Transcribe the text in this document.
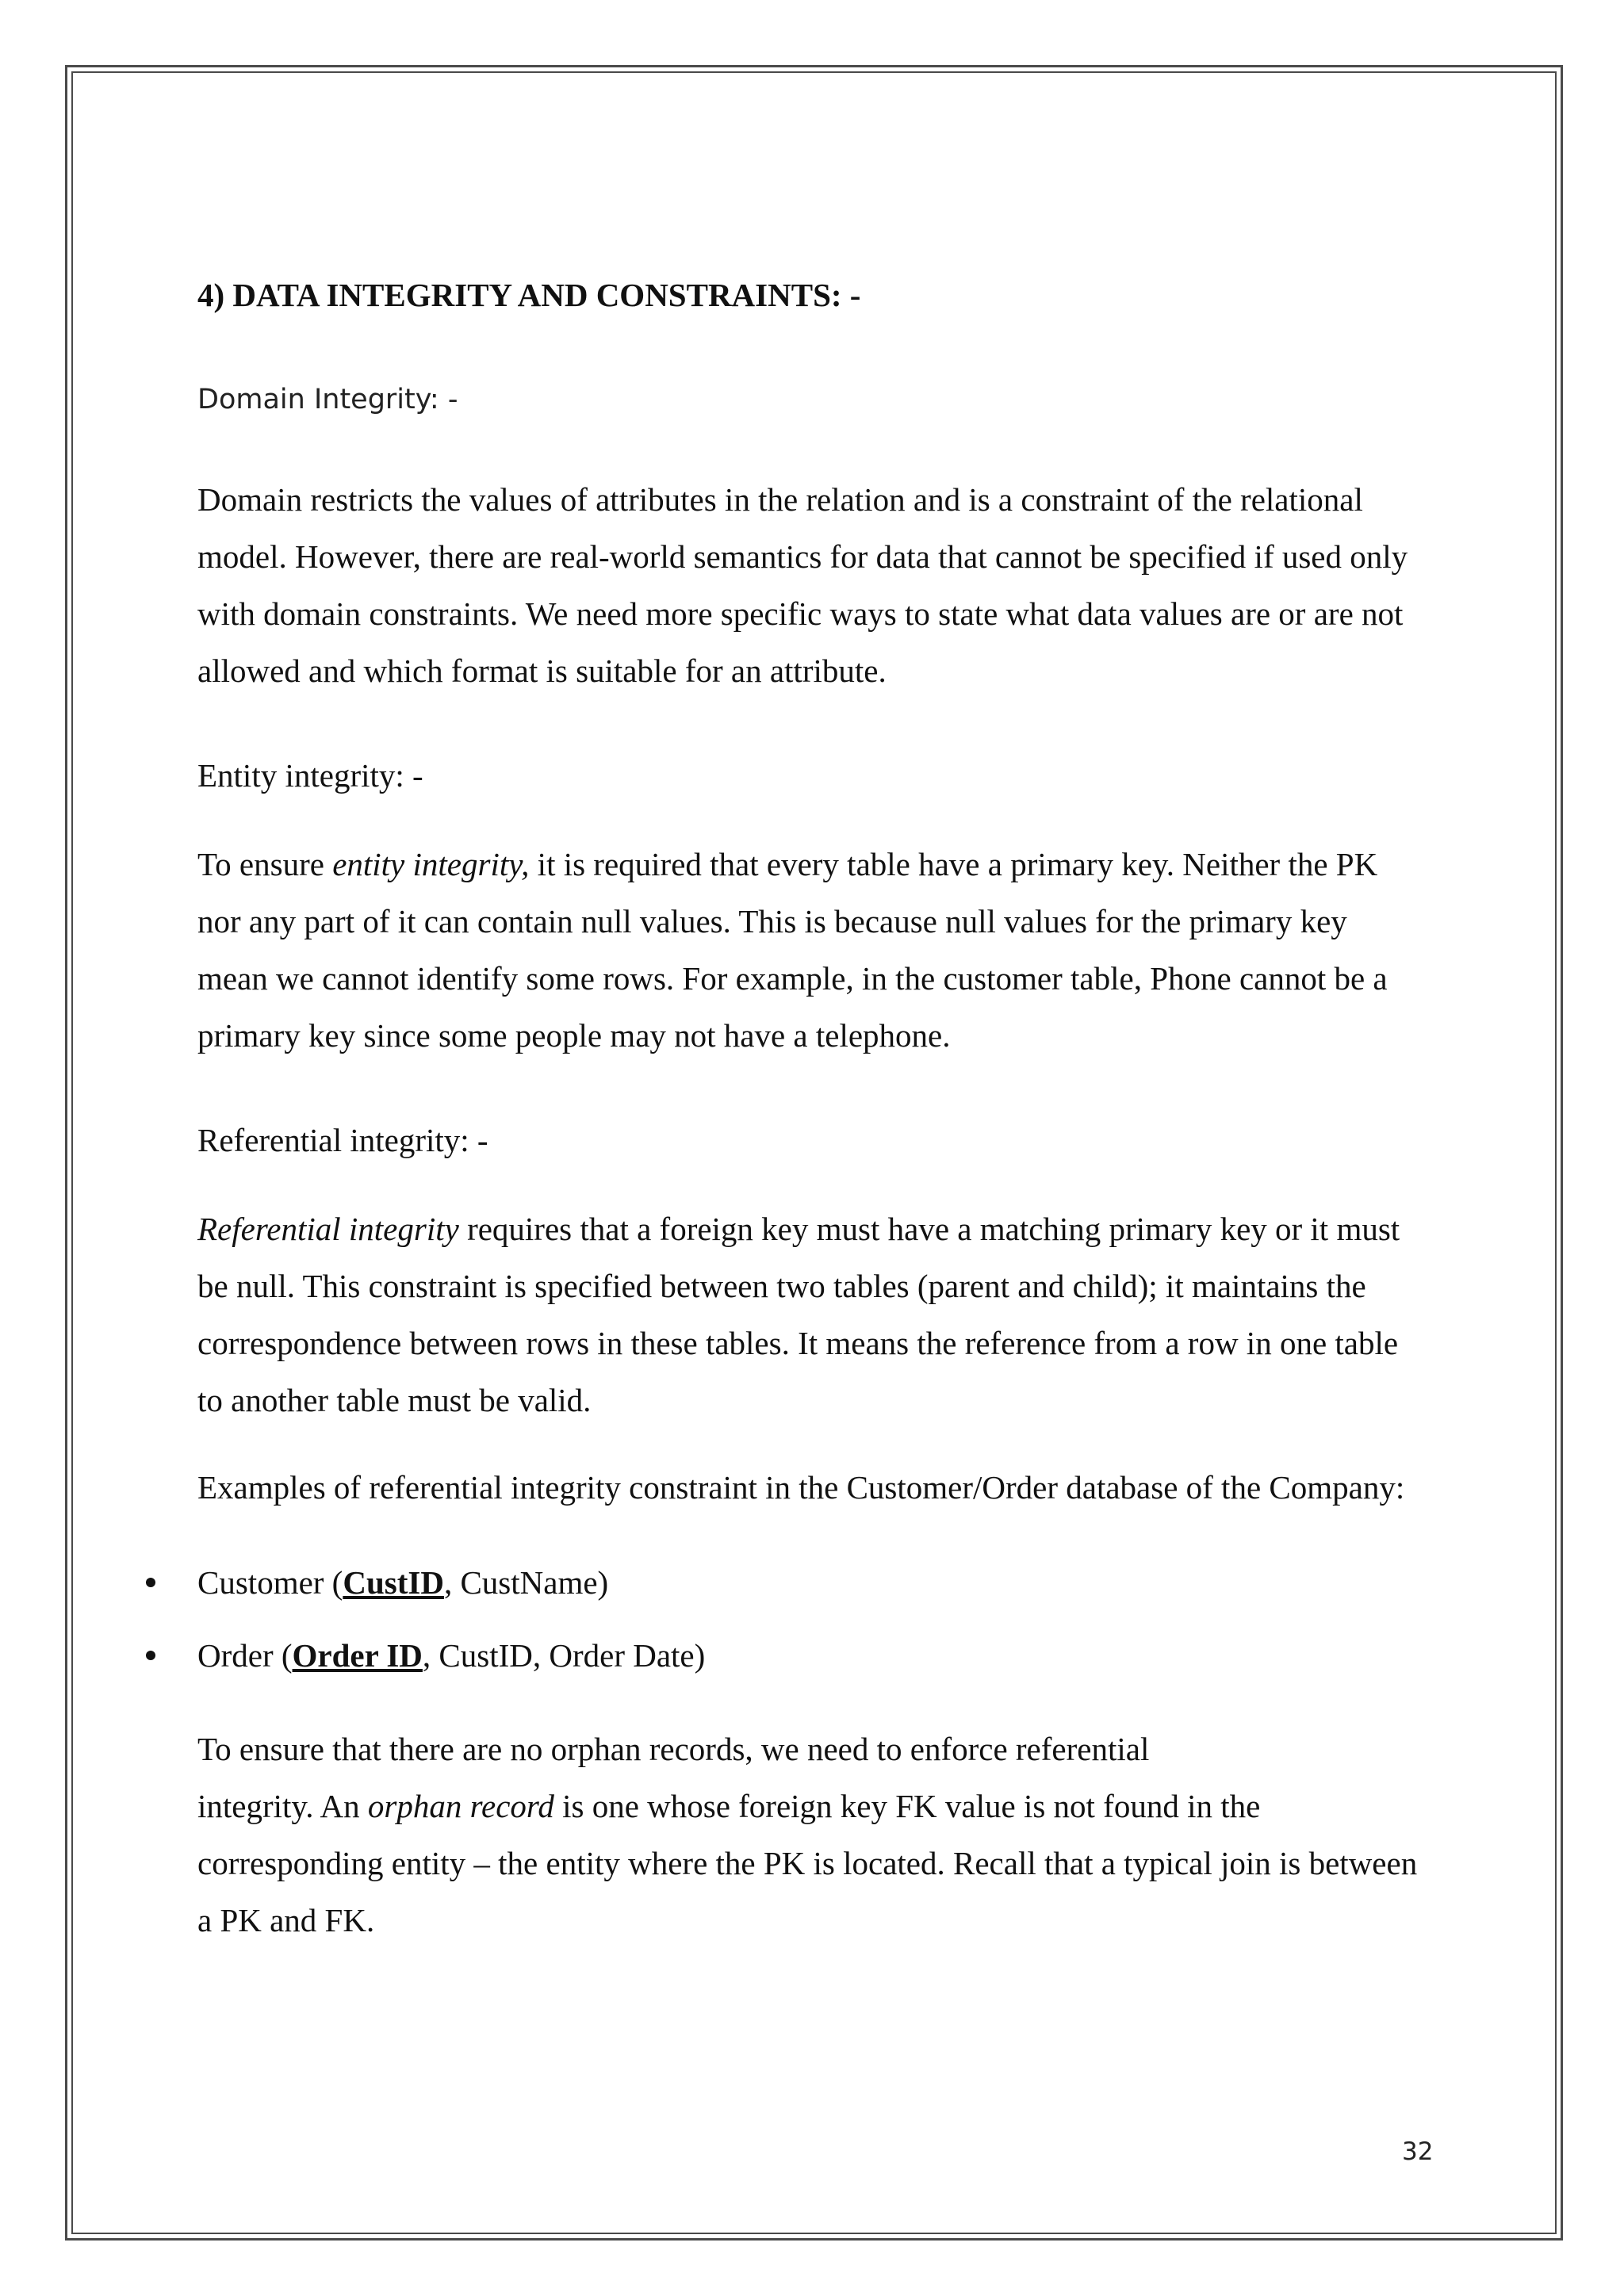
4) DATA INTEGRITY AND CONSTRAINTS: -
Domain Integrity: -
Domain restricts the values of attributes in the relation and is a constraint of the relational
model. However, there are real-world semantics for data that cannot be specified if used only
with domain constraints. We need more specific ways to state what data values are or are not
allowed and which format is suitable for an attribute.
Entity integrity: -
To ensure entity integrity, it is required that every table have a primary key. Neither the PK
nor any part of it can contain null values. This is because null values for the primary key
mean we cannot identify some rows. For example, in the customer table, Phone cannot be a
primary key since some people may not have a telephone.
Referential integrity: -
Referential integrity requires that a foreign key must have a matching primary key or it must
be null. This constraint is specified between two tables (parent and child); it maintains the
correspondence between rows in these tables. It means the reference from a row in one table
to another table must be valid.
Examples of referential integrity constraint in the Customer/Order database of the Company:
Customer (CustID, CustName)
Order (Order ID, CustID, Order Date)
To ensure that there are no orphan records, we need to enforce referential
integrity. An orphan record is one whose foreign key FK value is not found in the
corresponding entity – the entity where the PK is located. Recall that a typical join is between
a PK and FK.
32
